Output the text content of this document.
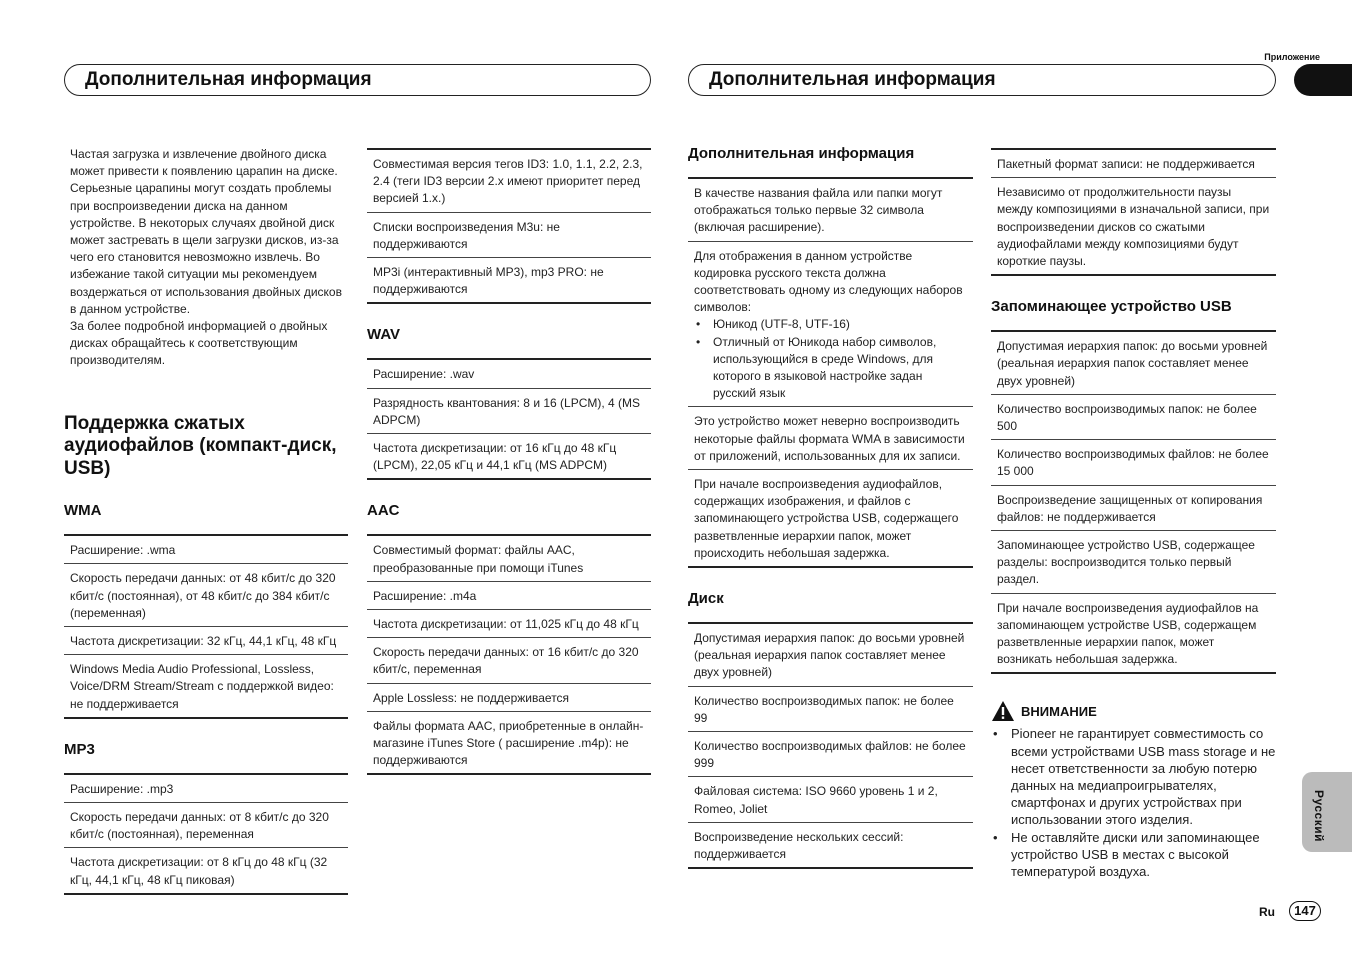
Приложение
Дополнительная информация	Дополнительная информация

Частая загрузка и извлечение двойного диска может привести к появлению царапин на диске. Серьезные царапины могут создать проблемы при воспроизведении диска на данном устройстве. В некоторых случаях двойной диск может застревать в щели загрузки дисков, из-за чего его становится невозможно извлечь. Во избежание такой ситуации мы рекомендуем воздержаться от использования двойных дисков в данном устройстве.

За более подробной информацией о двойных дисках обращайтесь к соответствующим производителям.

Поддержка сжатых аудиофайлов (компакт-диск, USB)
WMA
Расширение: .wma
Скорость передачи данных: от 48 кбит/с до 320 кбит/с (постоянная), от 48 кбит/с до 384 кбит/с (переменная)
Частота дискретизации: 32 кГц, 44,1 кГц, 48 кГц
Windows Media Audio Professional, Lossless, Voice/DRM Stream/Stream с поддержкой видео: не поддерживается
MP3
Расширение: .mp3
Скорость передачи данных: от 8 кбит/с до 320 кбит/с (постоянная), переменная
Частота дискретизации: от 8 кГц до 48 кГц (32 кГц, 44,1 кГц, 48 кГц пиковая)
Совместимая версия тегов ID3: 1.0, 1.1, 2.2, 2.3, 2.4 (теги ID3 версии 2.x имеют приоритет перед версией 1.x.)
Списки воспроизведения M3u: не поддерживаются
MP3i (интерактивный MP3), mp3 PRO: не поддерживаются
WAV
Расширение: .wav
Разрядность квантования: 8 и 16 (LPCM), 4 (MS ADPCM)
Частота дискретизации: от 16 кГц до 48 кГц (LPCM), 22,05 кГц и 44,1 кГц (MS ADPCM)
AAC
Совместимый формат: файлы AAC, преобразованные при помощи iTunes
Расширение: .m4a
Частота дискретизации: от 11,025 кГц до 48 кГц
Скорость передачи данных: от 16 кбит/с до 320 кбит/с, переменная
Apple Lossless: не поддерживается
Файлы формата AAC, приобретенные в онлайн-магазине iTunes Store ( расширение .m4p): не поддерживаются
Дополнительная информация
В качестве названия файла или папки могут отображаться только первые 32 символа (включая расширение).
Для отображения в данном устройстве кодировка русского текста должна соответствовать одному из следующих наборов символов:
• Юникод (UTF-8, UTF-16)
• Отличный от Юникода набор символов, использующийся в среде Windows, для которого в языковой настройке задан русский язык
Это устройство может неверно воспроизводить некоторые файлы формата WMA в зависимости от приложений, использованных для их записи.
При начале воспроизведения аудиофайлов, содержащих изображения, и файлов с запоминающего устройства USB, содержащего разветвленные иерархии папок, может происходить небольшая задержка.
Диск
Допустимая иерархия папок: до восьми уровней (реальная иерархия папок составляет менее двух уровней)
Количество воспроизводимых папок: не более 99
Количество воспроизводимых файлов: не более 999
Файловая система: ISO 9660 уровень 1 и 2, Romeo, Joliet
Воспроизведение нескольких сессий: поддерживается
Пакетный формат записи: не поддерживается
Независимо от продолжительности паузы между композициями в изначальной записи, при воспроизведении дисков со сжатыми аудиофайлами между композициями будут короткие паузы.
Запоминающее устройство USB
Допустимая иерархия папок: до восьми уровней (реальная иерархия папок составляет менее двух уровней)
Количество воспроизводимых папок: не более 500
Количество воспроизводимых файлов: не более 15 000
Воспроизведение защищенных от копирования файлов: не поддерживается
Запоминающее устройство USB, содержащее разделы: воспроизводится только первый раздел.
При начале воспроизведения аудиофайлов на запоминающем устройстве USB, содержащем разветвленные иерархии папок, может возникать небольшая задержка.
ВНИМАНИЕ
• Pioneer не гарантирует совместимость со всеми устройствами USB mass storage и не несет ответственности за любую потерю данных на медиапроигрывателях, смартфонах и других устройствах при использовании этого изделия.
• Не оставляйте диски или запоминающее устройство USB в местах с высокой температурой воздуха.
Русский
Ru	147
